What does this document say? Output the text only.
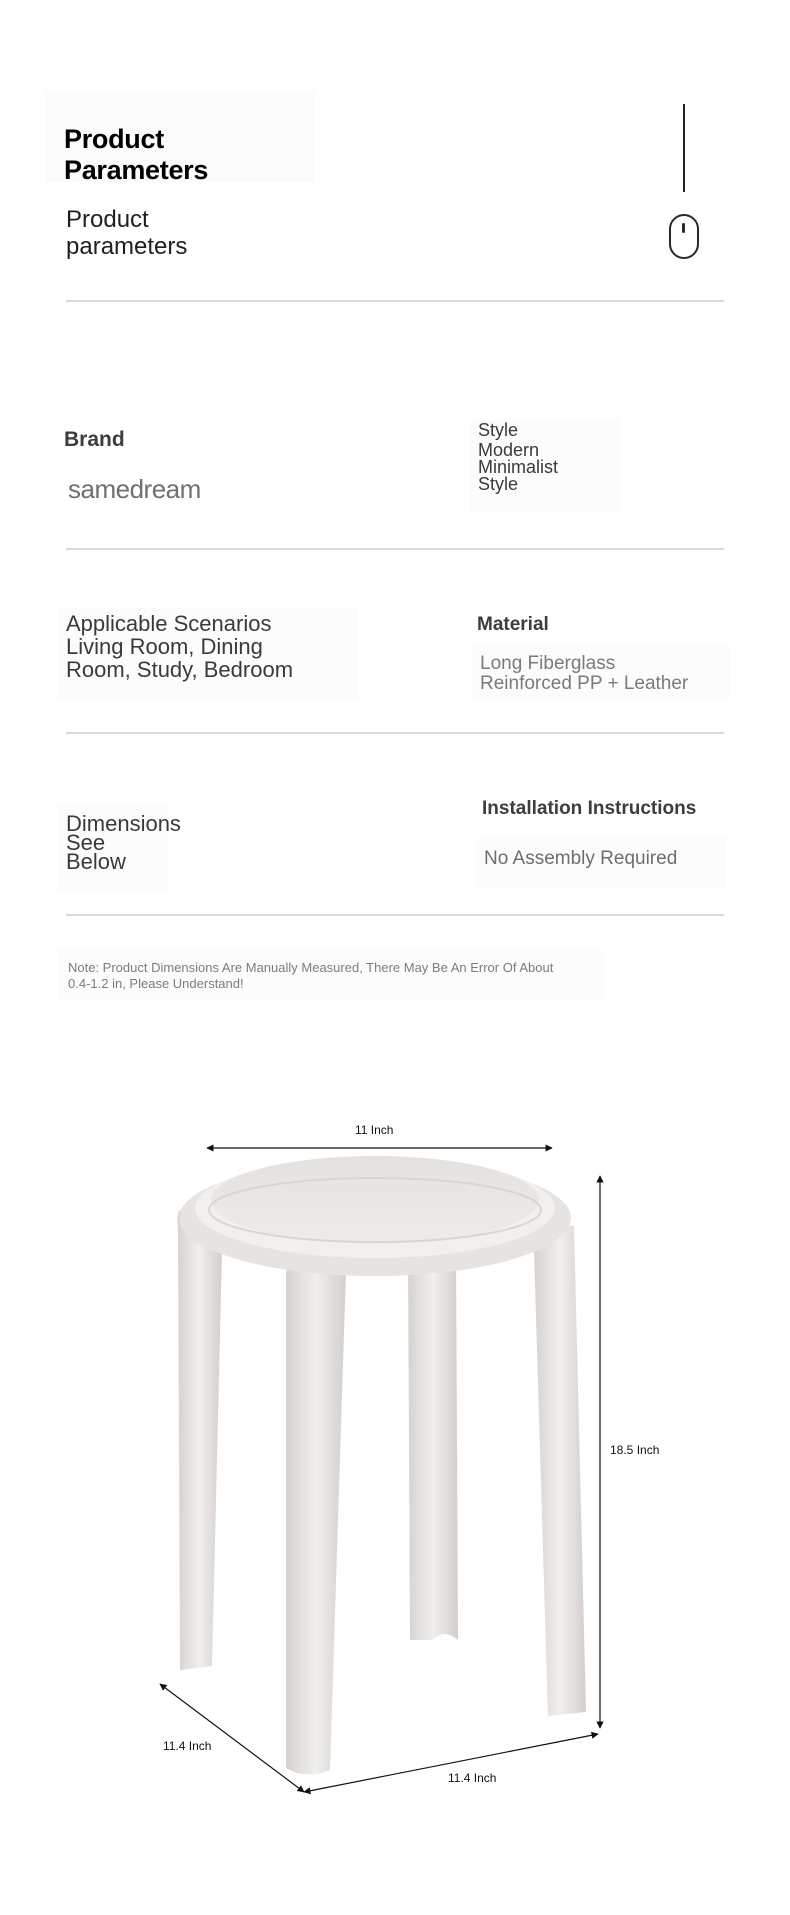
Product Parameters
Product
parameters
Brand
samedream
Style
Modern
Minimalist
Style
Applicable Scenarios
Living Room, Dining
Room, Study, Bedroom
Material
Long Fiberglass
Reinforced PP + Leather
Dimensions
See Below
Installation Instructions
No Assembly Required
Note: Product Dimensions Are Manually Measured, There May Be An Error Of About
0.4-1.2 in, Please Understand!
11 Inch
18.5 Inch
11.4 Inch
11.4 Inch
